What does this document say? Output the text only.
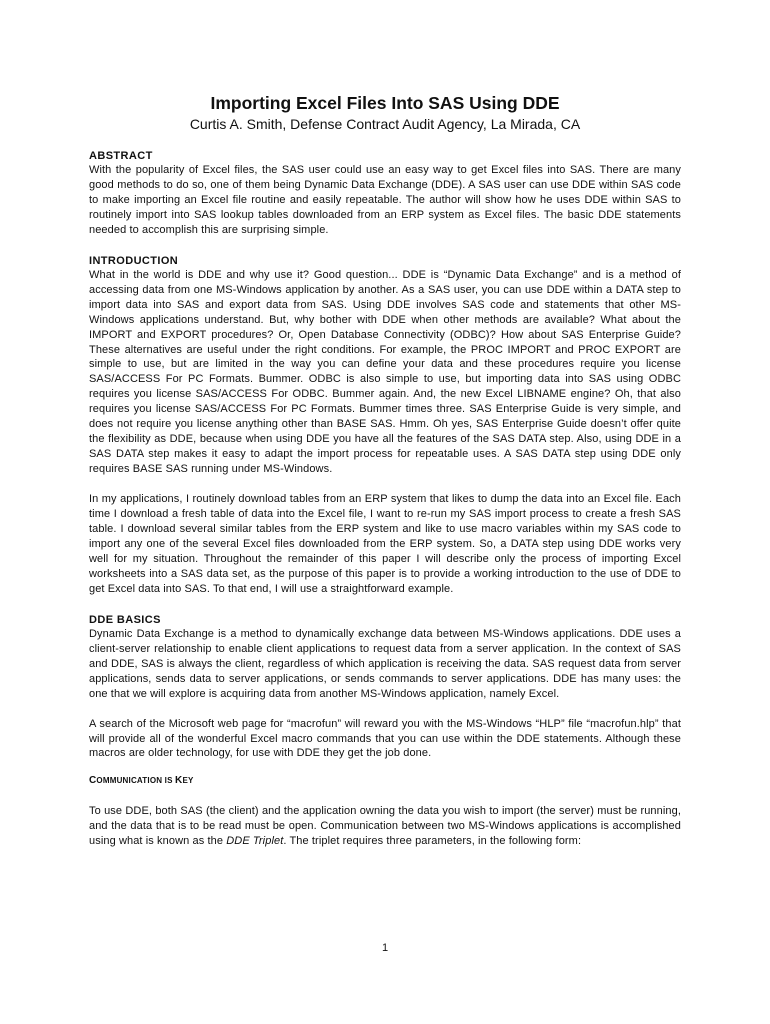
Importing Excel Files Into SAS Using DDE

Curtis A. Smith, Defense Contract Audit Agency, La Mirada, CA

ABSTRACT

With the popularity of Excel files, the SAS user could use an easy way to get Excel files into SAS. There are many good methods to do so, one of them being Dynamic Data Exchange (DDE). A SAS user can use DDE within SAS code to make importing an Excel file routine and easily repeatable. The author will show how he uses DDE within SAS to routinely import into SAS lookup tables downloaded from an ERP system as Excel files. The basic DDE statements needed to accomplish this are surprising simple.

INTRODUCTION

What in the world is DDE and why use it? Good question... DDE is “Dynamic Data Exchange” and is a method of accessing data from one MS-Windows application by another. As a SAS user, you can use DDE within a DATA step to import data into SAS and export data from SAS. Using DDE involves SAS code and statements that other MS-Windows applications understand. But, why bother with DDE when other methods are available? What about the IMPORT and EXPORT procedures? Or, Open Database Connectivity (ODBC)? How about SAS Enterprise Guide? These alternatives are useful under the right conditions. For example, the PROC IMPORT and PROC EXPORT are simple to use, but are limited in the way you can define your data and these procedures require you license SAS/ACCESS For PC Formats. Bummer. ODBC is also simple to use, but importing data into SAS using ODBC requires you license SAS/ACCESS For ODBC. Bummer again. And, the new Excel LIBNAME engine? Oh, that also requires you license SAS/ACCESS For PC Formats. Bummer times three. SAS Enterprise Guide is very simple, and does not require you license anything other than BASE SAS. Hmm. Oh yes, SAS Enterprise Guide doesn’t offer quite the flexibility as DDE, because when using DDE you have all the features of the SAS DATA step. Also, using DDE in a SAS DATA step makes it easy to adapt the import process for repeatable uses. A SAS DATA step using DDE only requires BASE SAS running under MS-Windows.

In my applications, I routinely download tables from an ERP system that likes to dump the data into an Excel file. Each time I download a fresh table of data into the Excel file, I want to re-run my SAS import process to create a fresh SAS table. I download several similar tables from the ERP system and like to use macro variables within my SAS code to import any one of the several Excel files downloaded from the ERP system. So, a DATA step using DDE works very well for my situation. Throughout the remainder of this paper I will describe only the process of importing Excel worksheets into a SAS data set, as the purpose of this paper is to provide a working introduction to the use of DDE to get Excel data into SAS. To that end, I will use a straightforward example.

DDE BASICS

Dynamic Data Exchange is a method to dynamically exchange data between MS-Windows applications. DDE uses a client-server relationship to enable client applications to request data from a server application. In the context of SAS and DDE, SAS is always the client, regardless of which application is receiving the data. SAS request data from server applications, sends data to server applications, or sends commands to server applications. DDE has many uses: the one that we will explore is acquiring data from another MS-Windows application, namely Excel.

A search of the Microsoft web page for “macrofun” will reward you with the MS-Windows “HLP” file “macrofun.hlp” that will provide all of the wonderful Excel macro commands that you can use within the DDE statements. Although these macros are older technology, for use with DDE they get the job done.

COMMUNICATION IS KEY

To use DDE, both SAS (the client) and the application owning the data you wish to import (the server) must be running, and the data that is to be read must be open. Communication between two MS-Windows applications is accomplished using what is known as the DDE Triplet. The triplet requires three parameters, in the following form:

1
